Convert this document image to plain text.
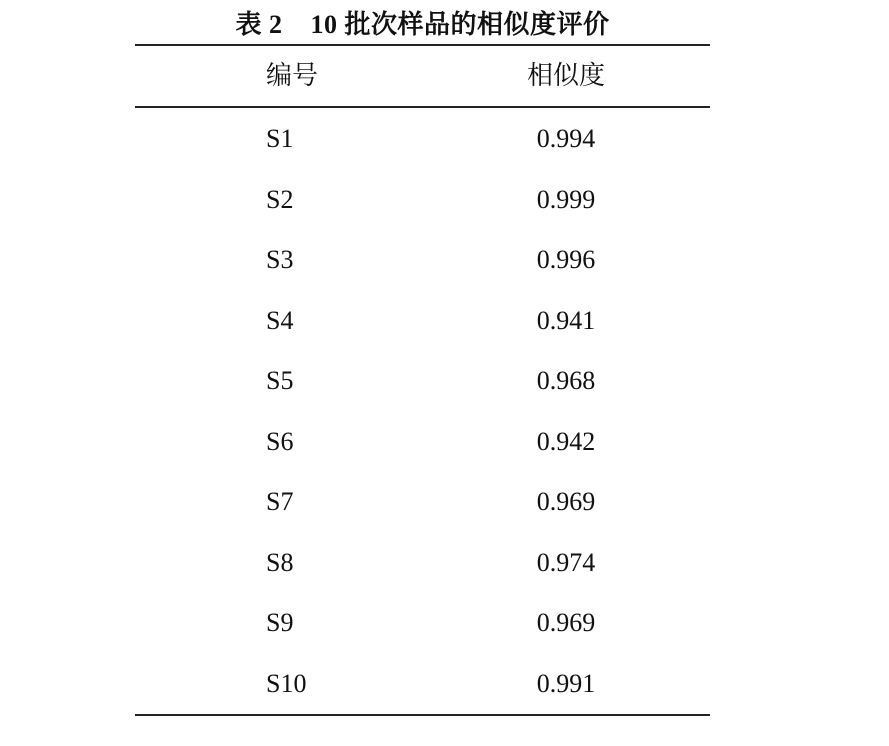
表 2    10 批次样品的相似度评价
编号	相似度
S1	0.994
S2	0.999
S3	0.996
S4	0.941
S5	0.968
S6	0.942
S7	0.969
S8	0.974
S9	0.969
S10	0.991
